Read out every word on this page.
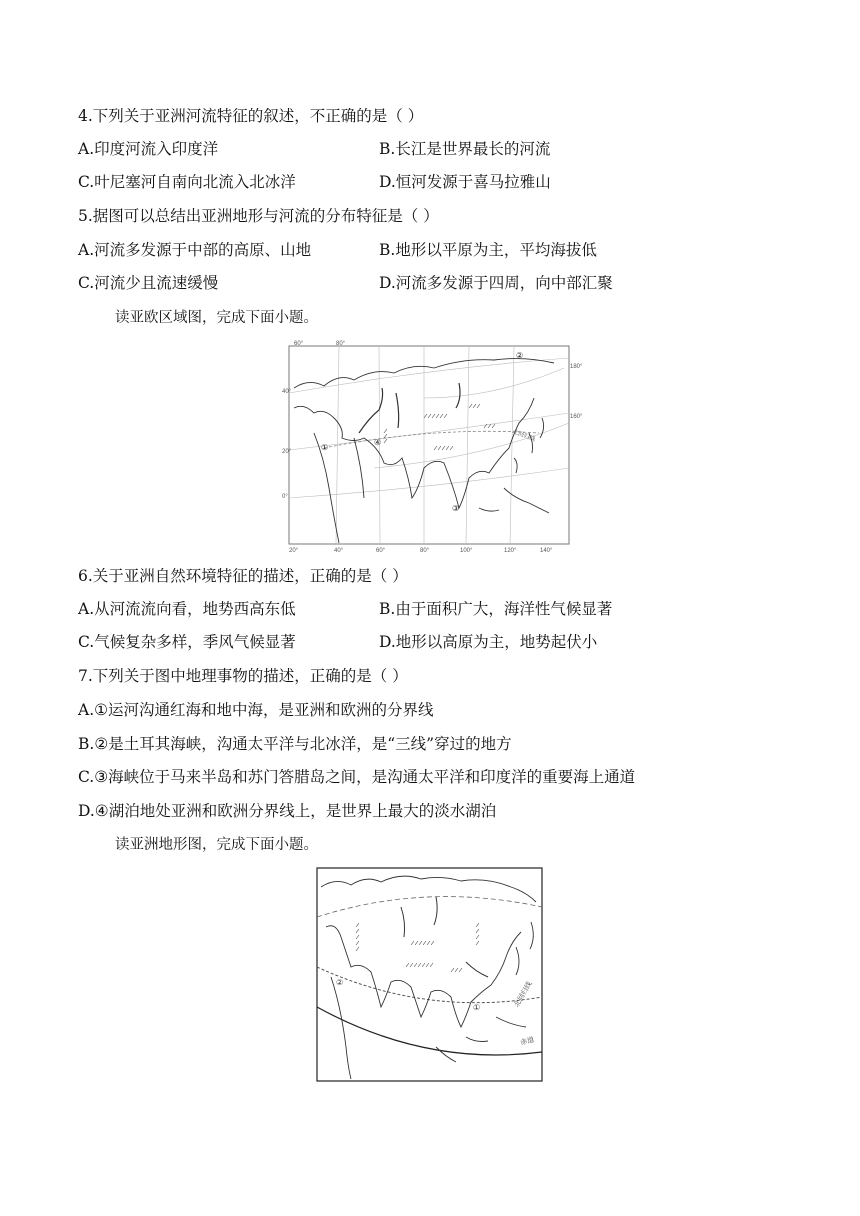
4.下列关于亚洲河流特征的叙述，不正确的是（ ）
A.印度河流入印度洋	B.长江是世界最长的河流
C.叶尼塞河自南向北流入北冰洋	D.恒河发源于喜马拉雅山
5.据图可以总结出亚洲地形与河流的分布特征是（ ）
A.河流多发源于中部的高原、山地	B.地形以平原为主，平均海拔低
C.河流少且流速缓慢	D.河流多发源于四周，向中部汇聚
读亚欧区域图，完成下面小题。
60°	80°
180°
160°
40°
20°
0°
20°	40°	60°	80°	100°	120°	140°
北回归线
①
②
③
④
6.关于亚洲自然环境特征的描述，正确的是（ ）
A.从河流流向看，地势西高东低	B.由于面积广大，海洋性气候显著
C.气候复杂多样，季风气候显著	D.地形以高原为主，地势起伏小
7.下列关于图中地理事物的描述，正确的是（ ）
A.①运河沟通红海和地中海，是亚洲和欧洲的分界线
B.②是土耳其海峡，沟通太平洋与北冰洋，是“三线”穿过的地方
C.③海峡位于马来半岛和苏门答腊岛之间，是沟通太平洋和印度洋的重要海上通道
D.④湖泊地处亚洲和欧洲分界线上，是世界上最大的淡水湖泊
读亚洲地形图，完成下面小题。
北回归线
赤道
①
②
